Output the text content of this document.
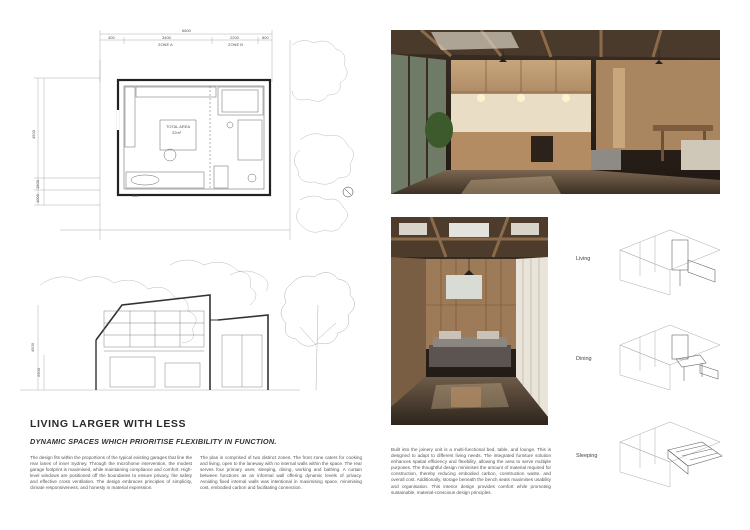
6800
400	3400	2200	800
ZONE A	ZONE B
TOTAL AREA
22m²
4500
1500
1000	400
4500
2500
LIVING LARGER WITH LESS
DYNAMIC SPACES WHICH PRIORITISE FLEXIBILITY IN FUNCTION.
The design fits within the proportions of the typical existing garages that line the rear lanes of inner Sydney. Through the microhome intervention, the modest garage footprint is maximised, while maintaining compliance and comfort. High-level windows are positioned off the boundaries to ensure privacy, fire safety and effective cross ventilation. The design embraces principles of simplicity, climate responsiveness, and honesty in material expression.
The plan is comprised of two distinct zones. The front zone caters for cooking and living, open to the laneway with no internal walls within the space. The rear serves four primary uses; sleeping, dining, working and bathing. A curtain between functions as an informal wall offering dynamic levels of privacy. Avoiding fixed internal walls was intentional in maximising space, minimising cost, embodied carbon and facilitating connection.
Built into the joinery unit is a multi-functional bed, table, and lounge. This is designed to adapt to different living needs. The integrated furniture solution enhances spatial efficiency and flexibility, allowing the area to serve multiple purposes. The thoughtful design minimises the amount of material required for construction, thereby reducing embodied carbon, construction waste, and overall cost. Additionally, storage beneath the bench seats maximises usability and organisation. This interior design provides comfort while promoting sustainable, material-conscious design principles.
Living
Dining
Sleeping
